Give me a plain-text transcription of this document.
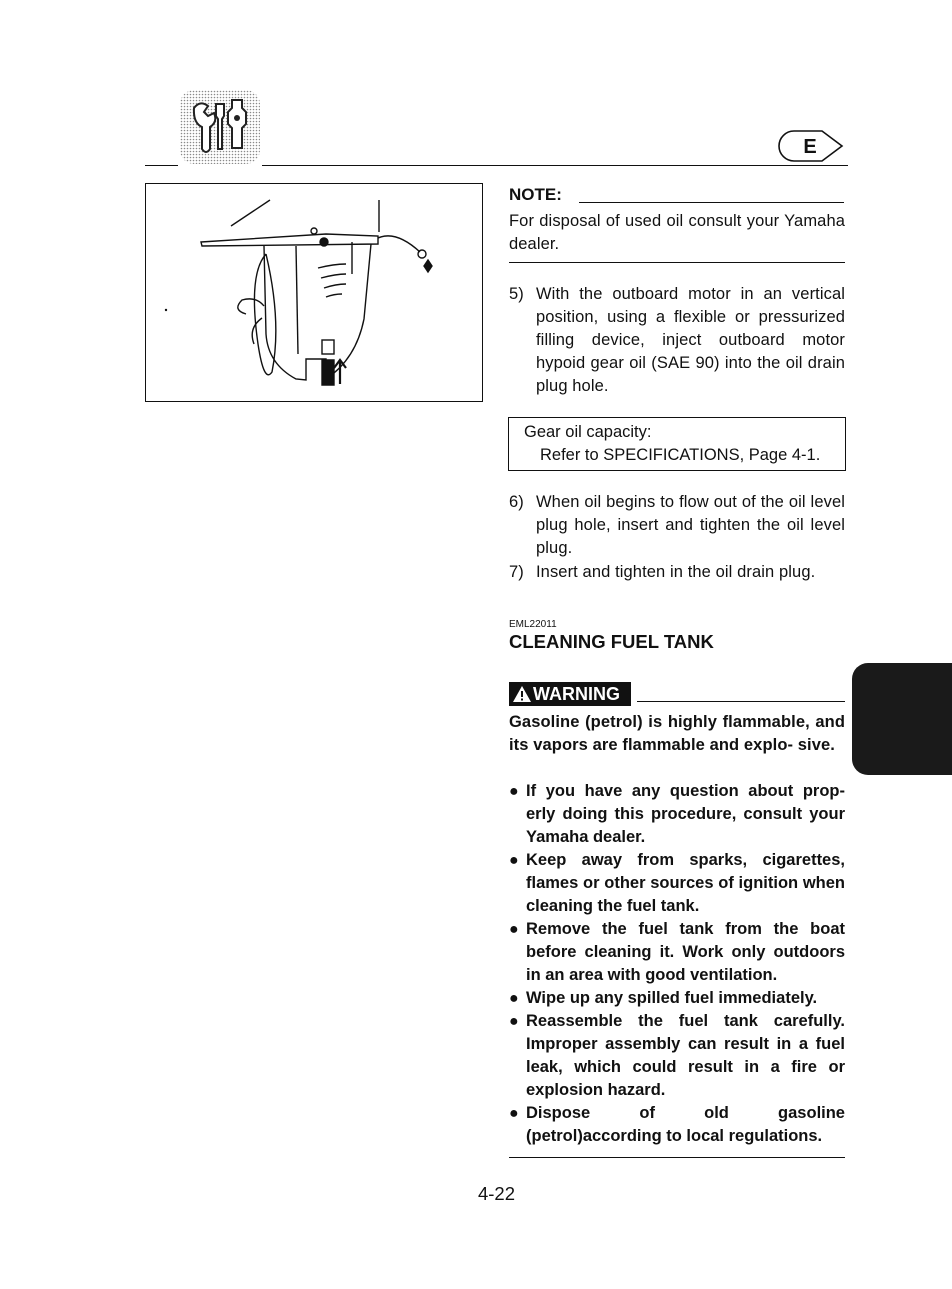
E
NOTE:
For disposal of used oil consult your Yamaha dealer.
5) With the outboard motor in an vertical position, using a flexible or pressurized filling device, inject outboard motor hypoid gear oil (SAE 90) into the oil drain plug hole.
Gear oil capacity:
Refer to SPECIFICATIONS, Page 4-1.
6) When oil begins to flow out of the oil level plug hole, insert and tighten the oil level plug.
7) Insert and tighten in the oil drain plug.
EML22011
CLEANING FUEL TANK
WARNING
Gasoline (petrol) is highly flammable, and its vapors are flammable and explo- sive.
● If you have any question about prop- erly doing this procedure, consult your Yamaha dealer.
● Keep away from sparks, cigarettes, flames or other sources of ignition when cleaning the fuel tank.
● Remove the fuel tank from the boat before cleaning it. Work only outdoors in an area with good ventilation.
● Wipe up any spilled fuel immediately.
● Reassemble the fuel tank carefully. Improper assembly can result in a fuel leak, which could result in a fire or explosion hazard.
● Dispose of old gasoline (petrol)according to local regulations.
4-22
